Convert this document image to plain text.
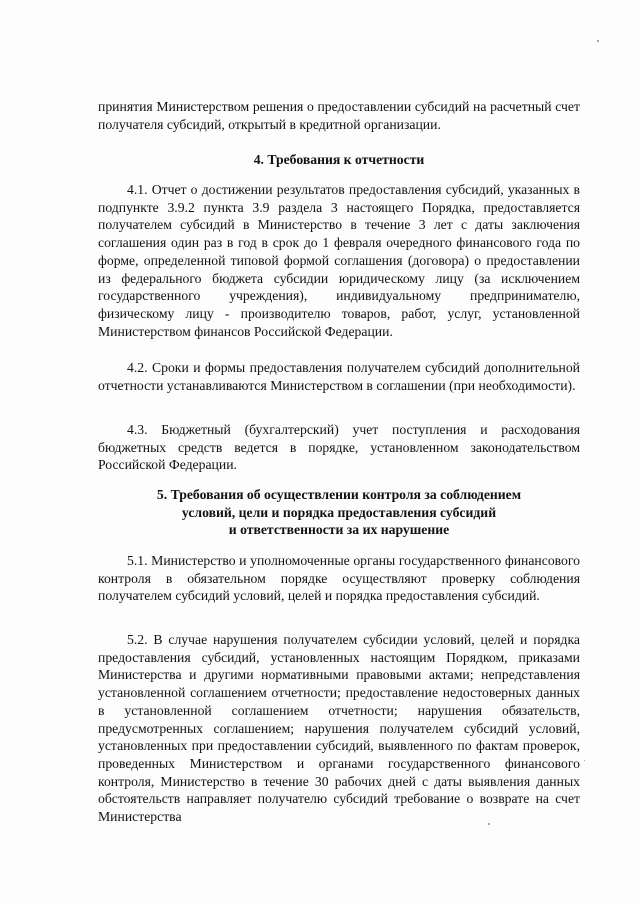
принятия Министерством решения о предоставлении субсидий на расчетный счет получателя субсидий, открытый в кредитной организации.

4. Требования к отчетности

4.1. Отчет о достижении результатов предоставления субсидий, указанных в подпункте 3.9.2 пункта 3.9 раздела 3 настоящего Порядка, предоставляется получателем субсидий в Министерство в течение 3 лет с даты заключения соглашения один раз в год в срок до 1 февраля очередного финансового года по форме, определенной типовой формой соглашения (договора) о предоставлении из федерального бюджета субсидии юридическому лицу (за исключением государственного учреждения), индивидуальному предпринимателю, физическому лицу - производителю товаров, работ, услуг, установленной Министерством финансов Российской Федерации.

4.2. Сроки и формы предоставления получателем субсидий дополнительной отчетности устанавливаются Министерством в соглашении (при необходимости).

4.3. Бюджетный (бухгалтерский) учет поступления и расходования бюджетных средств ведется в порядке, установленном законодательством Российской Федерации.

5. Требования об осуществлении контроля за соблюдением
условий, цели и порядка предоставления субсидий
и ответственности за их нарушение

5.1. Министерство и уполномоченные органы государственного финансового контроля в обязательном порядке осуществляют проверку соблюдения получателем субсидий условий, целей и порядка предоставления субсидий.

5.2. В случае нарушения получателем субсидии условий, целей и порядка предоставления субсидий, установленных настоящим Порядком, приказами Министерства и другими нормативными правовыми актами; непредставления установленной соглашением отчетности; предоставление недостоверных данных в установленной соглашением отчетности; нарушения обязательств, предусмотренных соглашением; нарушения получателем субсидий условий, установленных при предоставлении субсидий, выявленного по фактам проверок, проведенных Министерством и органами государственного финансового контроля, Министерство в течение 30 рабочих дней с даты выявления данных обстоятельств направляет получателю субсидий требование о возврате на счет Министерства
